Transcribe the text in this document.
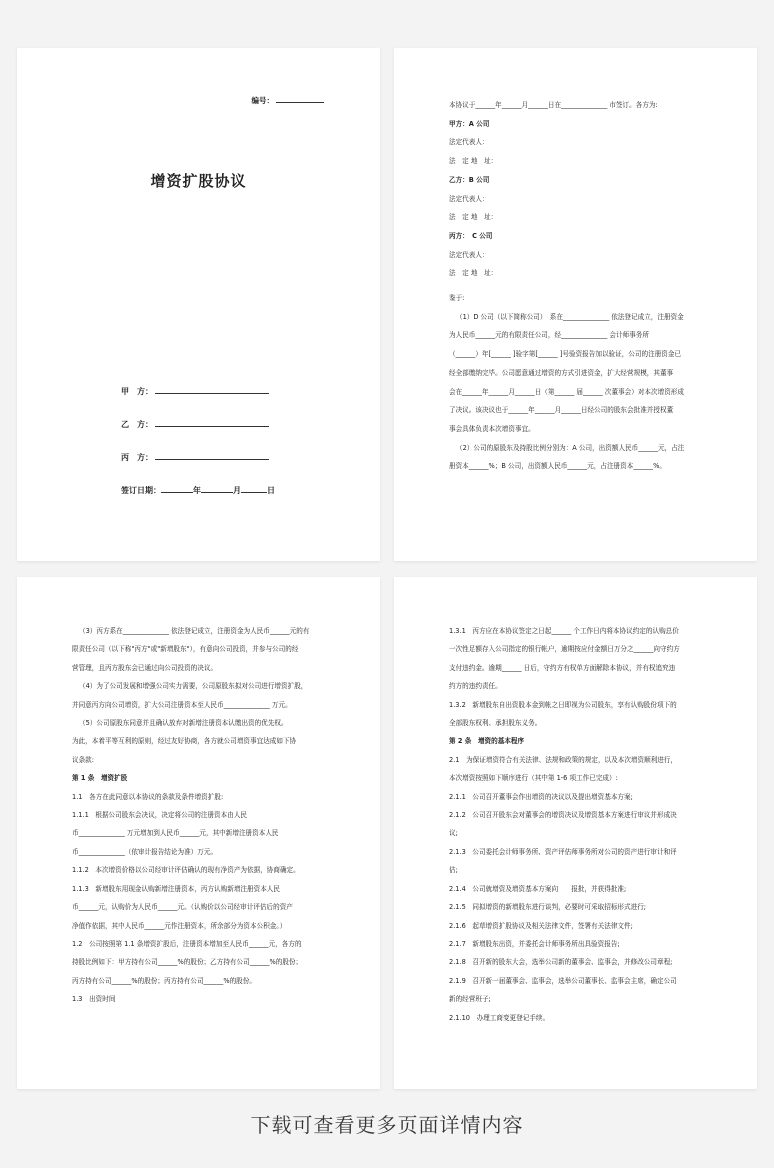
编号：
增资扩股协议
甲　方：
乙　方：
丙　方：
签订日期：	年	月	日

本协议于______年______月______日在______________ 市签订。各方为:

甲方：A 公司

法定代表人：

法　定 地　址：

乙方：B 公司

法定代表人：

法　定 地　址：

丙方：　C 公司

法定代表人：

法　定 地　址：

鉴于:

（1）D 公司（以下简称公司）　系在______________ 依法登记成立，注册资金

为人民币______元的有限责任公司，经______________ 会计师事务所

（______）年[______ ]验字第[______ ]号验资报告加以验证，公司的注册资金已

经全部缴纳完毕。公司愿意通过增资的方式引进资金，扩大经营规模，其董事

会在______年______月______日（第______ 届______ 次董事会）对本次增资形成

了决议。该决议也于______年______月______日经公司的股东会批准并授权董

事会具体负责本次增资事宜。

（2）公司的原股东及持股比例分别为：A 公司，出资额人民币______元，占注

册资本______%；B 公司，出资额人民币______元，占注册资本______%。

（3）丙方系在______________ 依法登记成立，注册资金为人民币______元的有

限责任公司（以下称"丙方"或"新增股东"），有意向公司投资，并参与公司的经

营管理，且丙方股东会已通过向公司投资的决议。

（4）为了公司发展和增强公司实力需要，公司原股东拟对公司进行增资扩股，

并同意丙方向公司增资，扩大公司注册资本至人民币______________ 万元。

（5）公司原股东同意并且确认放弃对新增注册资本认缴出资的优先权。

为此，本着平等互利的原则，经过友好协商，各方就公司增资事宜达成如下协

议条款:

第 1 条　增资扩股

1.1　各方在此同意以本协议的条款及条件增资扩股:

1.1.1　根据公司股东会决议，决定将公司的注册资本由人民

币______________ 万元增加到人民币______元，其中新增注册资本人民

币______________（依审计报告结论为准）万元。

1.1.2　本次增资价格以公司经审计评估确认的现有净资产为依据，协商确定。

1.1.3　新增股东用现金认购新增注册资本，丙方认购新增注册资本人民

币______元，认购价为人民币______元。（认购价以公司经审计评估后的资产

净值作依据，其中人民币______元作注册资本，所余部分为资本公积金。）

1.2　公司按照第 1.1 条增资扩股后，注册资本增加至人民币______元，各方的

持股比例如下：甲方持有公司______%的股份；乙方持有公司______%的股份；

丙方持有公司______%的股份；丙方持有公司______%的股份。

1.3　出资时间

1.3.1　丙方应在本协议签定之日起______ 个工作日内将本协议约定的认购总价

一次性足额存入公司指定的银行帐户，逾期按应付金额日万分之______向守约方

支付违约金。逾期______ 日后，守约方有权单方面解除本协议，并有权追究违

约方的违约责任。

1.3.2　新增股东自出资股本金到帐之日即视为公司股东，享有认购股份项下的

全部股东权利、承担股东义务。

第 2 条　增资的基本程序

2.1　为保证增资符合有关法律、法规和政策的规定，以及本次增资顺利进行，

本次增资按照如下顺序进行（其中第 1-6 项工作已完成）:

2.1.1　公司召开董事会作出增资的决议以及提出增资基本方案;

2.1.2　公司召开股东会对董事会的增资决议及增资基本方案进行审议并形成决

议;

2.1.3　公司委托会计师事务所、资产评估师事务所对公司的资产进行审计和评

估;

2.1.4　公司就增资及增资基本方案向　　报批，并获得批准;

2.1.5　同拟增资的新增股东进行谈判，必要时可采取招标形式进行;

2.1.6　起草增资扩股协议及相关法律文件，签署有关法律文件;

2.1.7　新增股东出资，并委托会计师事务所出具验资报告;

2.1.8　召开新的股东大会，选举公司新的董事会、监事会，并修改公司章程;

2.1.9　召开新一届董事会、监事会，选举公司董事长、监事会主席，确定公司

新的经营班子;

2.1.10　办理工商变更登记手续。

下载可查看更多页面详情内容
